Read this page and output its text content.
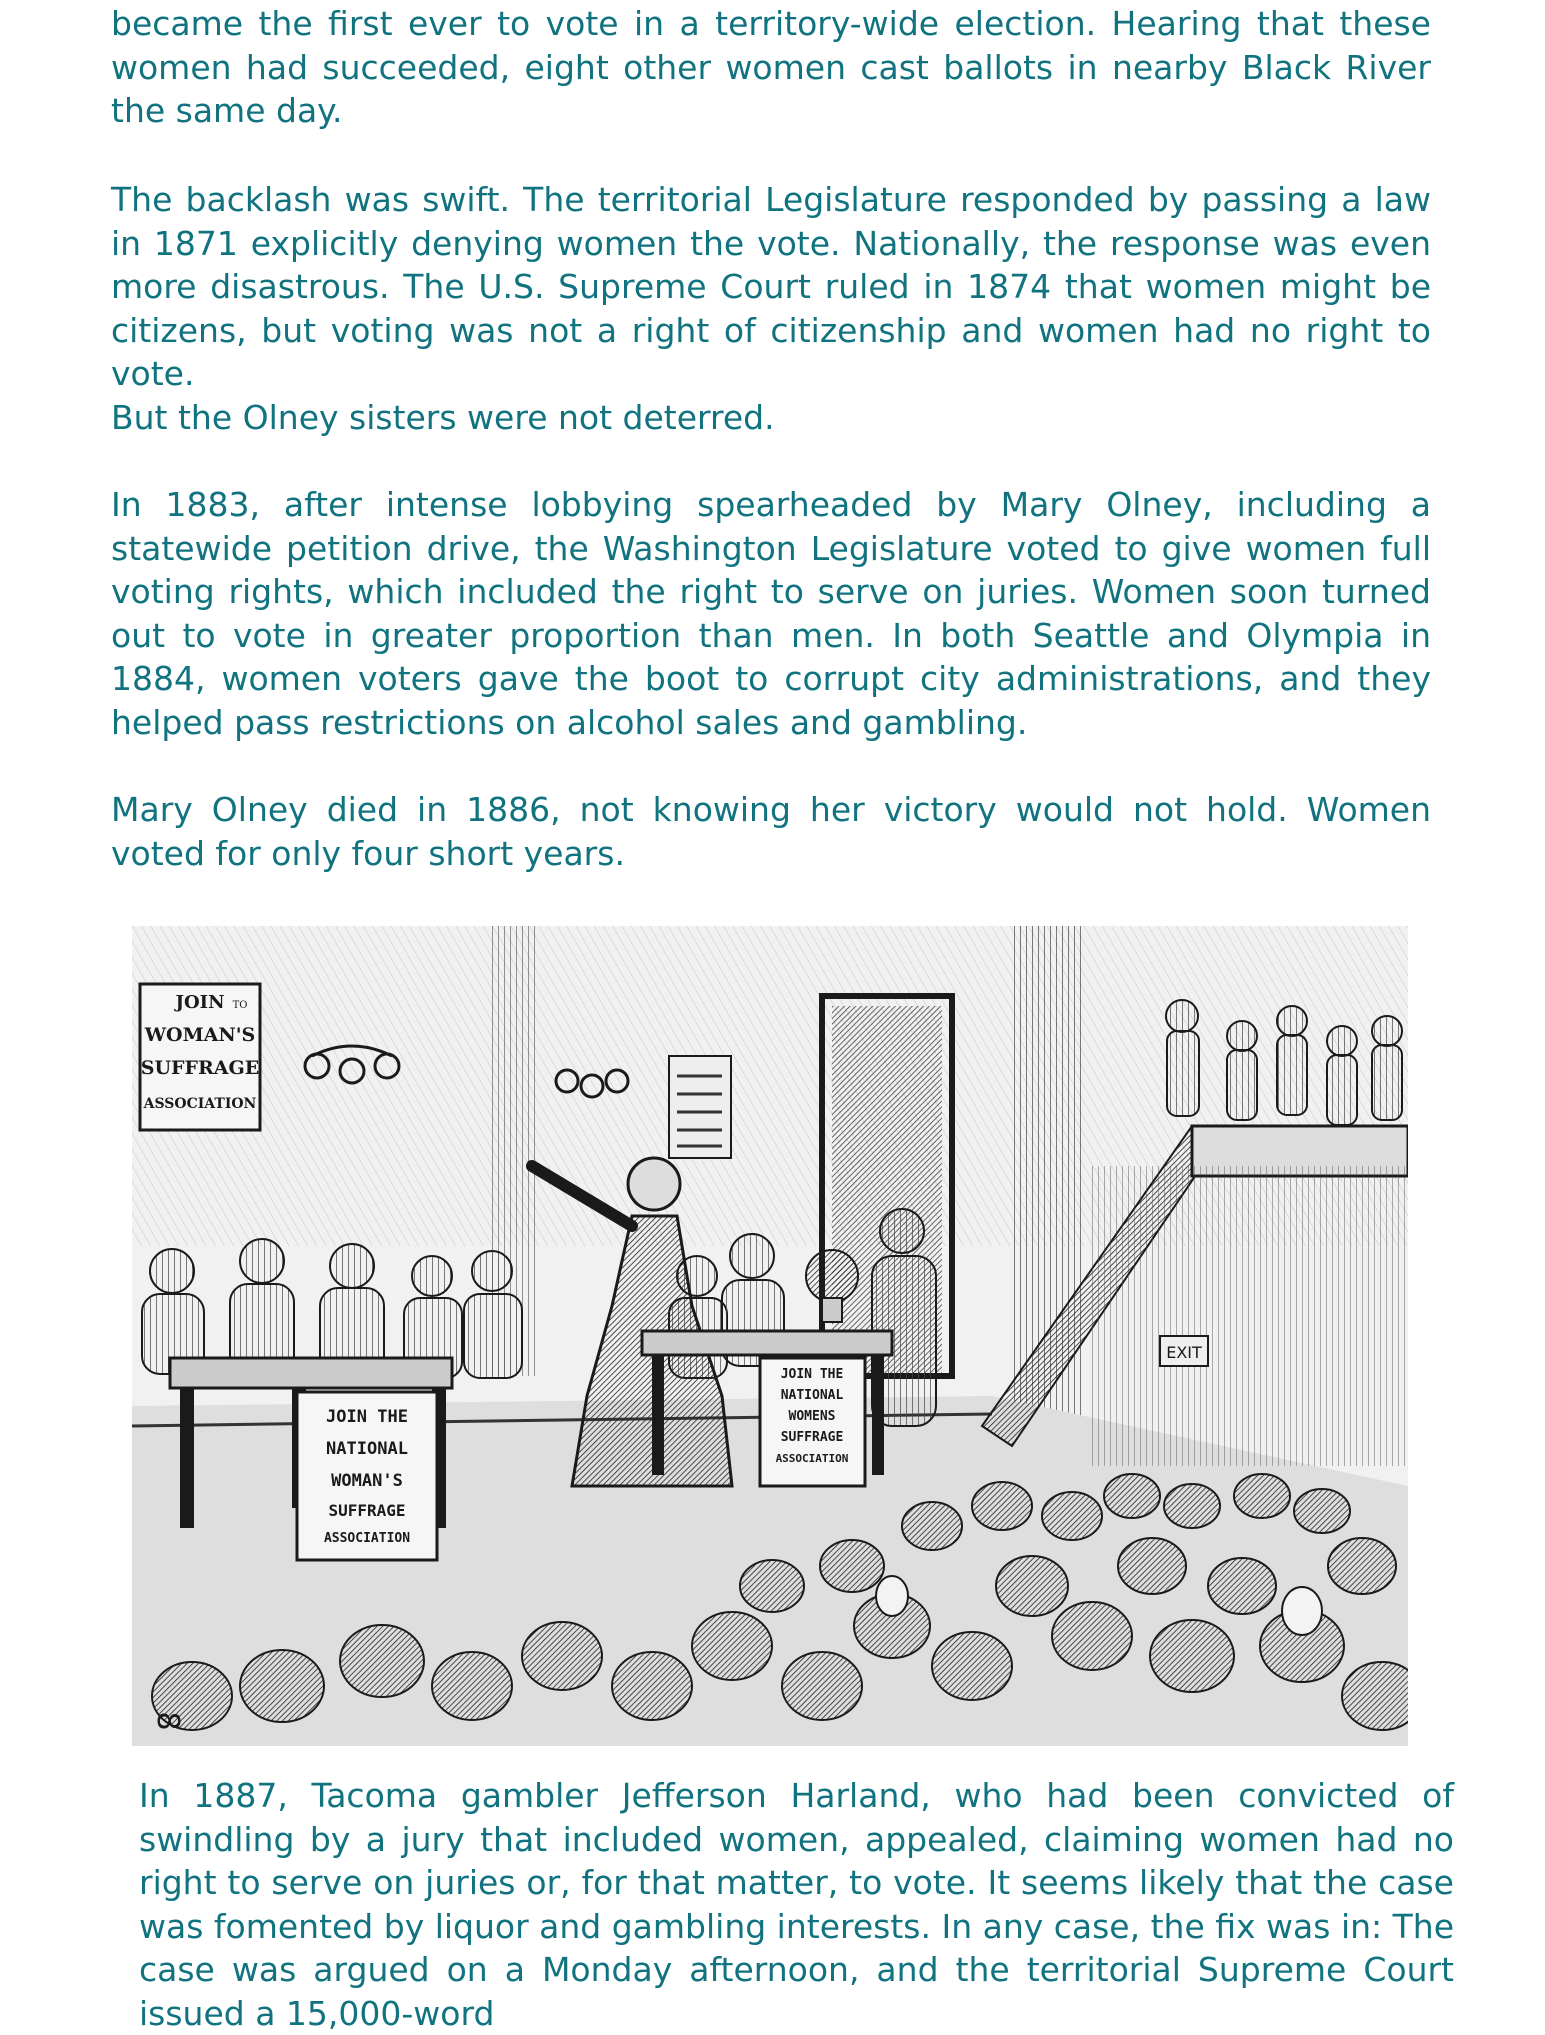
became the first ever to vote in a territory-wide election. Hearing that these women had succeeded, eight other women cast ballots in nearby Black River the same day.

The backlash was swift. The territorial Legislature responded by passing a law in 1871 explicitly denying women the vote. Nationally, the response was even more disastrous. The U.S. Supreme Court ruled in 1874 that women might be citizens, but voting was not a right of citizenship and women had no right to vote.

But the Olney sisters were not deterred.

In 1883, after intense lobbying spearheaded by Mary Olney, including a statewide petition drive, the Washington Legislature voted to give women full voting rights, which included the right to serve on juries. Women soon turned out to vote in greater proportion than men. In both Seattle and Olympia in 1884, women voters gave the boot to corrupt city administrations, and they helped pass restrictions on alcohol sales and gambling.

Mary Olney died in 1886, not knowing her victory would not hold. Women voted for only four short years.

JOIN TO
WOMAN'S
SUFFRAGE
ASSOCIATION
JOIN THE
NATIONAL
WOMAN'S
SUFFRAGE
ASSOCIATION
JOIN THE
NATIONAL
WOMENS
SUFFRAGE
ASSOCIATION
EXIT
8

In 1887, Tacoma gambler Jefferson Harland, who had been convicted of swindling by a jury that included women, appealed, claiming women had no right to serve on juries or, for that matter, to vote. It seems likely that the case was fomented by liquor and gambling interests. In any case, the fix was in: The case was argued on a Monday afternoon, and the territorial Supreme Court issued a 15,000-word
